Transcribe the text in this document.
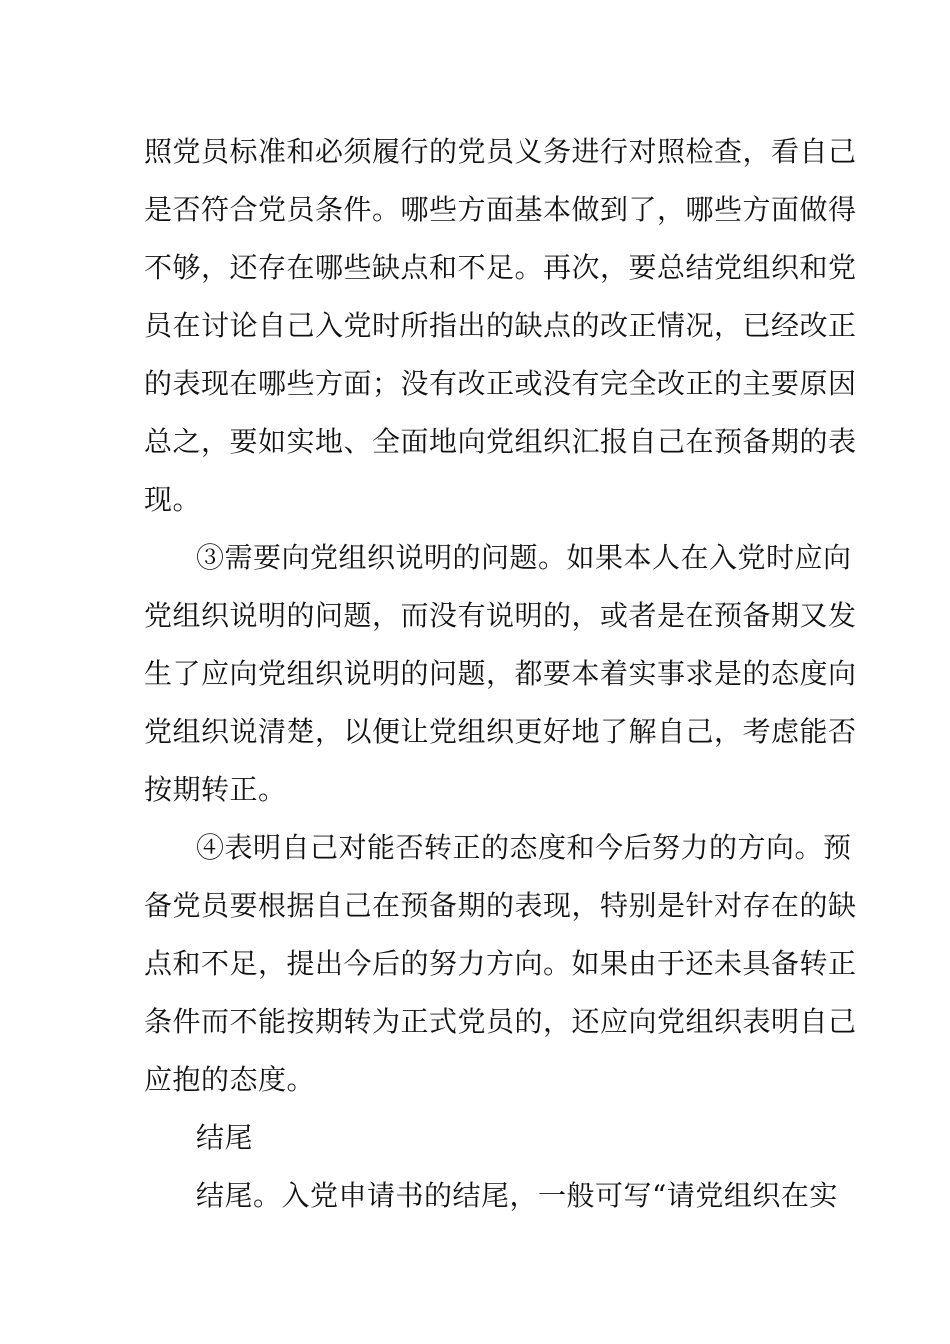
照党员标准和必须履行的党员义务进行对照检查，看自己
是否符合党员条件。哪些方面基本做到了，哪些方面做得
不够，还存在哪些缺点和不足。再次，要总结党组织和党
员在讨论自己入党时所指出的缺点的改正情况，已经改正
的表现在哪些方面；没有改正或没有完全改正的主要原因
总之，要如实地、全面地向党组织汇报自己在预备期的表
现。
③需要向党组织说明的问题。如果本人在入党时应向
党组织说明的问题，而没有说明的，或者是在预备期又发
生了应向党组织说明的问题，都要本着实事求是的态度向
党组织说清楚，以便让党组织更好地了解自己，考虑能否
按期转正。
④表明自己对能否转正的态度和今后努力的方向。预
备党员要根据自己在预备期的表现，特别是针对存在的缺
点和不足，提出今后的努力方向。如果由于还未具备转正
条件而不能按期转为正式党员的，还应向党组织表明自己
应抱的态度。
结尾
结尾。入党申请书的结尾，一般可写“请党组织在实
